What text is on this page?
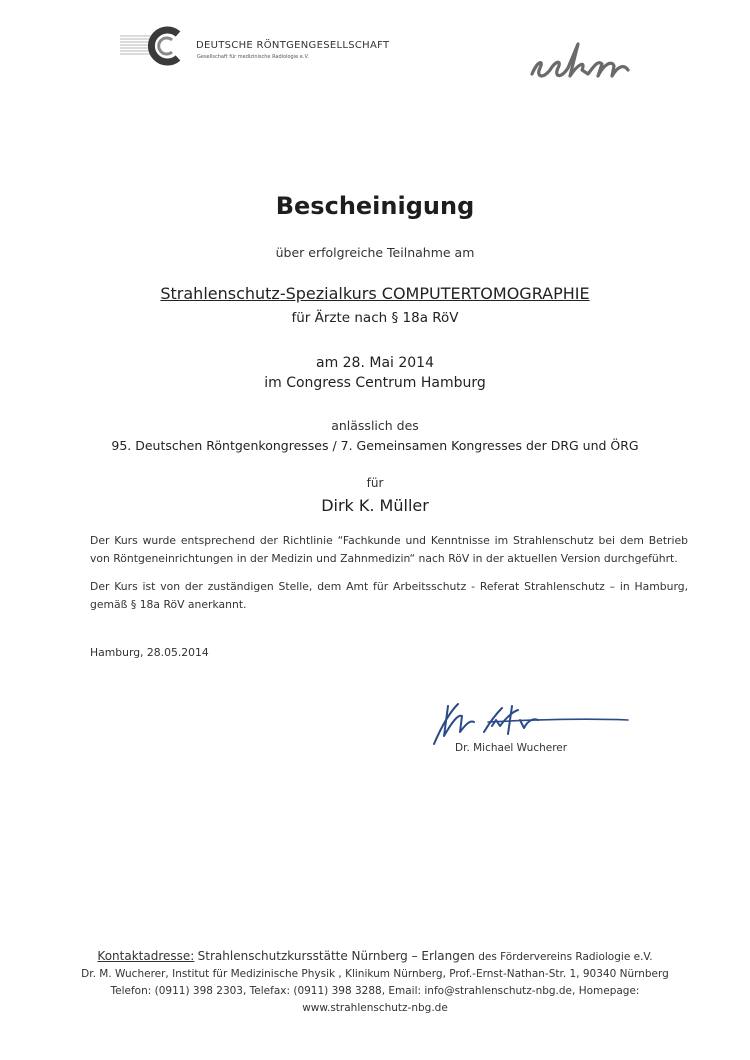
DEUTSCHE RÖNTGENGESELLSCHAFT
Gesellschaft für medizinische Radiologie e.V.
Bescheinigung
über erfolgreiche Teilnahme am
Strahlenschutz-Spezialkurs COMPUTERTOMOGRAPHIE
für Ärzte nach § 18a RöV
am 28. Mai 2014
im Congress Centrum Hamburg
anlässlich des
95. Deutschen Röntgenkongresses / 7. Gemeinsamen Kongresses der DRG und ÖRG
für
Dirk K. Müller
Der Kurs wurde entsprechend der Richtlinie “Fachkunde und Kenntnisse im Strahlenschutz bei dem Betrieb von Röntgeneinrichtungen in der Medizin und Zahnmedizin“ nach RöV in der aktuellen Version durchgeführt.
Der Kurs ist von der zuständigen Stelle, dem Amt für Arbeitsschutz - Referat Strahlenschutz – in Hamburg, gemäß § 18a RöV anerkannt.
Hamburg, 28.05.2014
Dr. Michael Wucherer
Kontaktadresse: Strahlenschutzkursstätte Nürnberg – Erlangen des Fördervereins Radiologie e.V.
Dr. M. Wucherer, Institut für Medizinische Physik , Klinikum Nürnberg, Prof.-Ernst-Nathan-Str. 1, 90340 Nürnberg
Telefon: (0911) 398 2303, Telefax: (0911) 398 3288, Email: info@strahlenschutz-nbg.de, Homepage:
www.strahlenschutz-nbg.de
